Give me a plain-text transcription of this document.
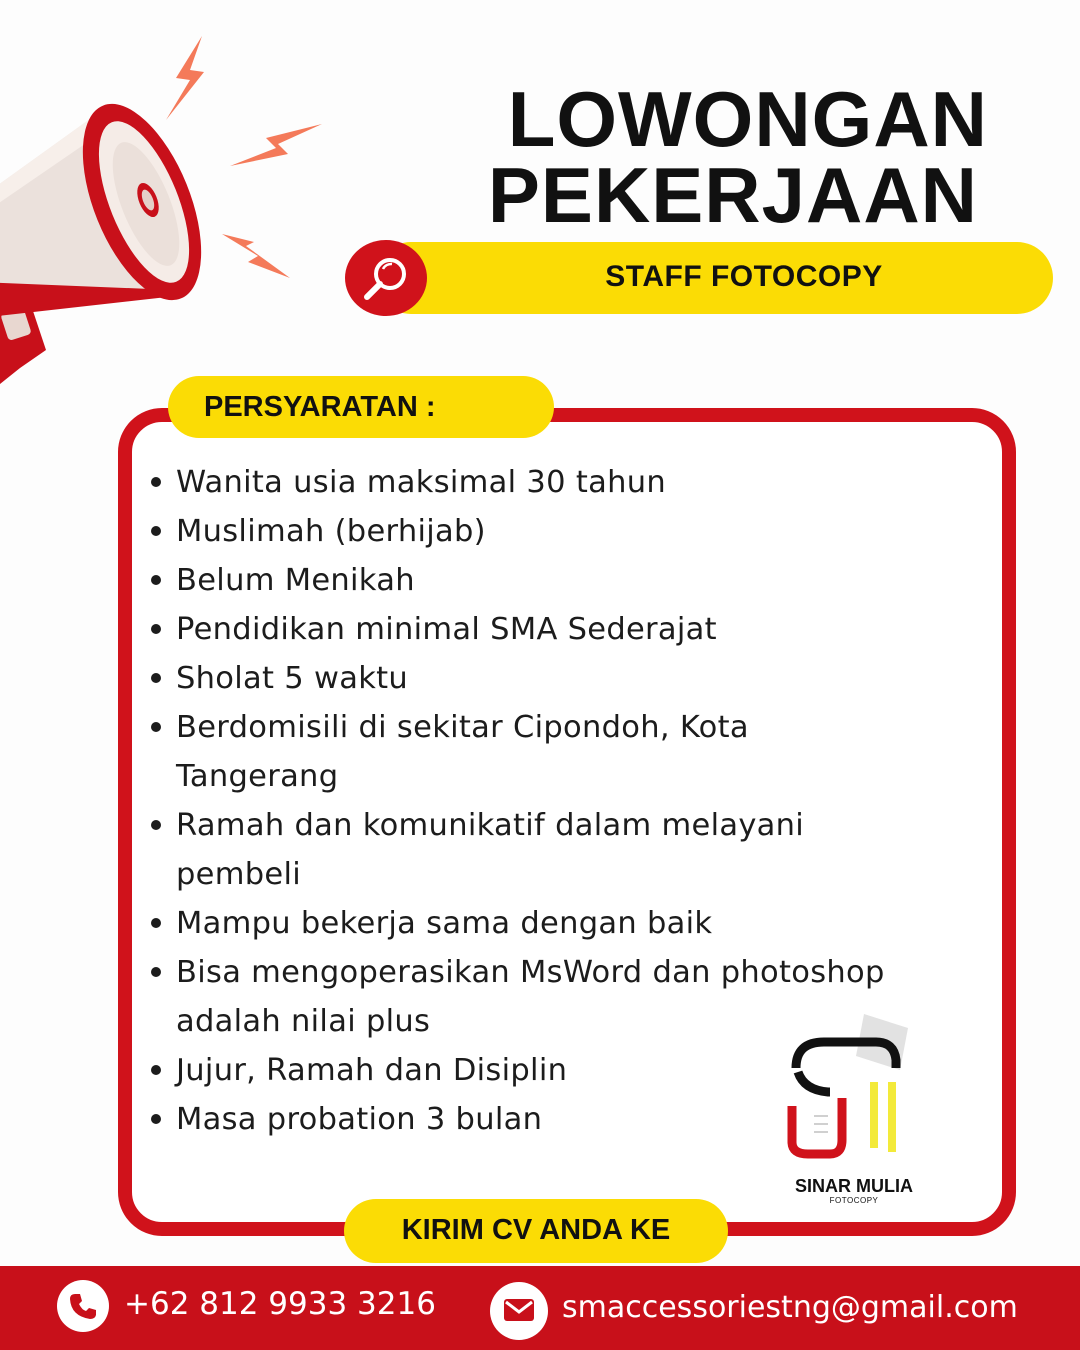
LOWONGAN
PEKERJAAN
STAFF FOTOCOPY
PERSYARATAN :
Wanita usia maksimal 30 tahun
Muslimah (berhijab)
Belum Menikah
Pendidikan minimal SMA Sederajat
Sholat 5 waktu
Berdomisili di sekitar Cipondoh, Kota Tangerang
Ramah dan komunikatif dalam melayani pembeli
Mampu bekerja sama dengan baik
Bisa mengoperasikan MsWord dan photoshop adalah nilai plus
Jujur, Ramah dan Disiplin
Masa probation 3 bulan
SINAR MULIA
FOTOCOPY
KIRIM CV ANDA KE
+62 812 9933 3216	smaccessoriestng@gmail.com
